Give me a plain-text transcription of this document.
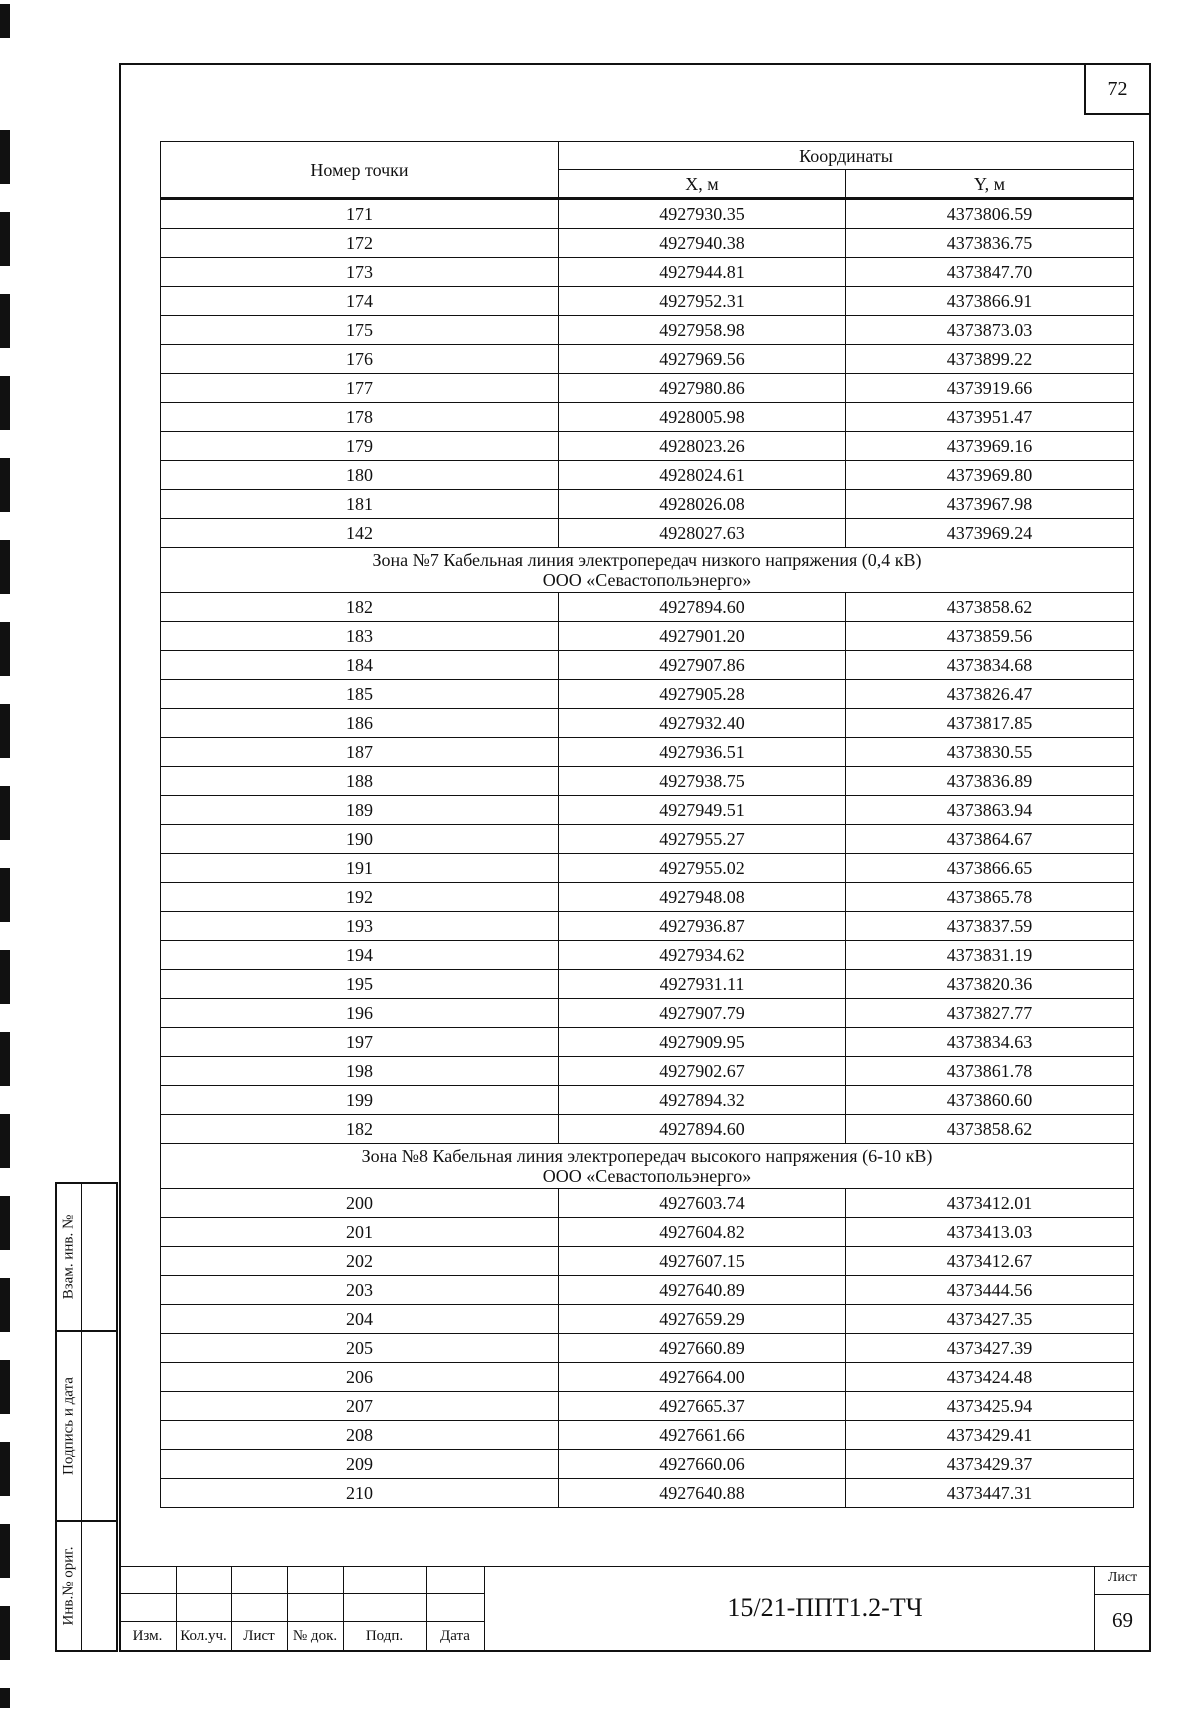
72
Номер точки	Координаты	
	X, м	Y, м
171	4927930.35	4373806.59
172	4927940.38	4373836.75
173	4927944.81	4373847.70
174	4927952.31	4373866.91
175	4927958.98	4373873.03
176	4927969.56	4373899.22
177	4927980.86	4373919.66
178	4928005.98	4373951.47
179	4928023.26	4373969.16
180	4928024.61	4373969.80
181	4928026.08	4373967.98
142	4928027.63	4373969.24

Зона №7 Кабельная линия электропередач низкого напряжения (0,4 кВ)
ООО «Севастопольэнерго»		

182	4927894.60	4373858.62
183	4927901.20	4373859.56
184	4927907.86	4373834.68
185	4927905.28	4373826.47
186	4927932.40	4373817.85
187	4927936.51	4373830.55
188	4927938.75	4373836.89
189	4927949.51	4373863.94
190	4927955.27	4373864.67
191	4927955.02	4373866.65
192	4927948.08	4373865.78
193	4927936.87	4373837.59
194	4927934.62	4373831.19
195	4927931.11	4373820.36
196	4927907.79	4373827.77
197	4927909.95	4373834.63
198	4927902.67	4373861.78
199	4927894.32	4373860.60
182	4927894.60	4373858.62

Зона №8 Кабельная линия электропередач высокого напряжения (6-10 кВ)
ООО «Севастопольэнерго»		

200	4927603.74	4373412.01
201	4927604.82	4373413.03
202	4927607.15	4373412.67
203	4927640.89	4373444.56
204	4927659.29	4373427.35
205	4927660.89	4373427.39
206	4927664.00	4373424.48
207	4927665.37	4373425.94
208	4927661.66	4373429.41
209	4927660.06	4373429.37
210	4927640.88	4373447.31
Взам. инв. №
Подпись и дата
Инв.№ ориг.
Изм.	Кол.уч.	Лист	№ док.	Подп.	Дата
15/21-ППТ1.2-ТЧ
Лист
69
